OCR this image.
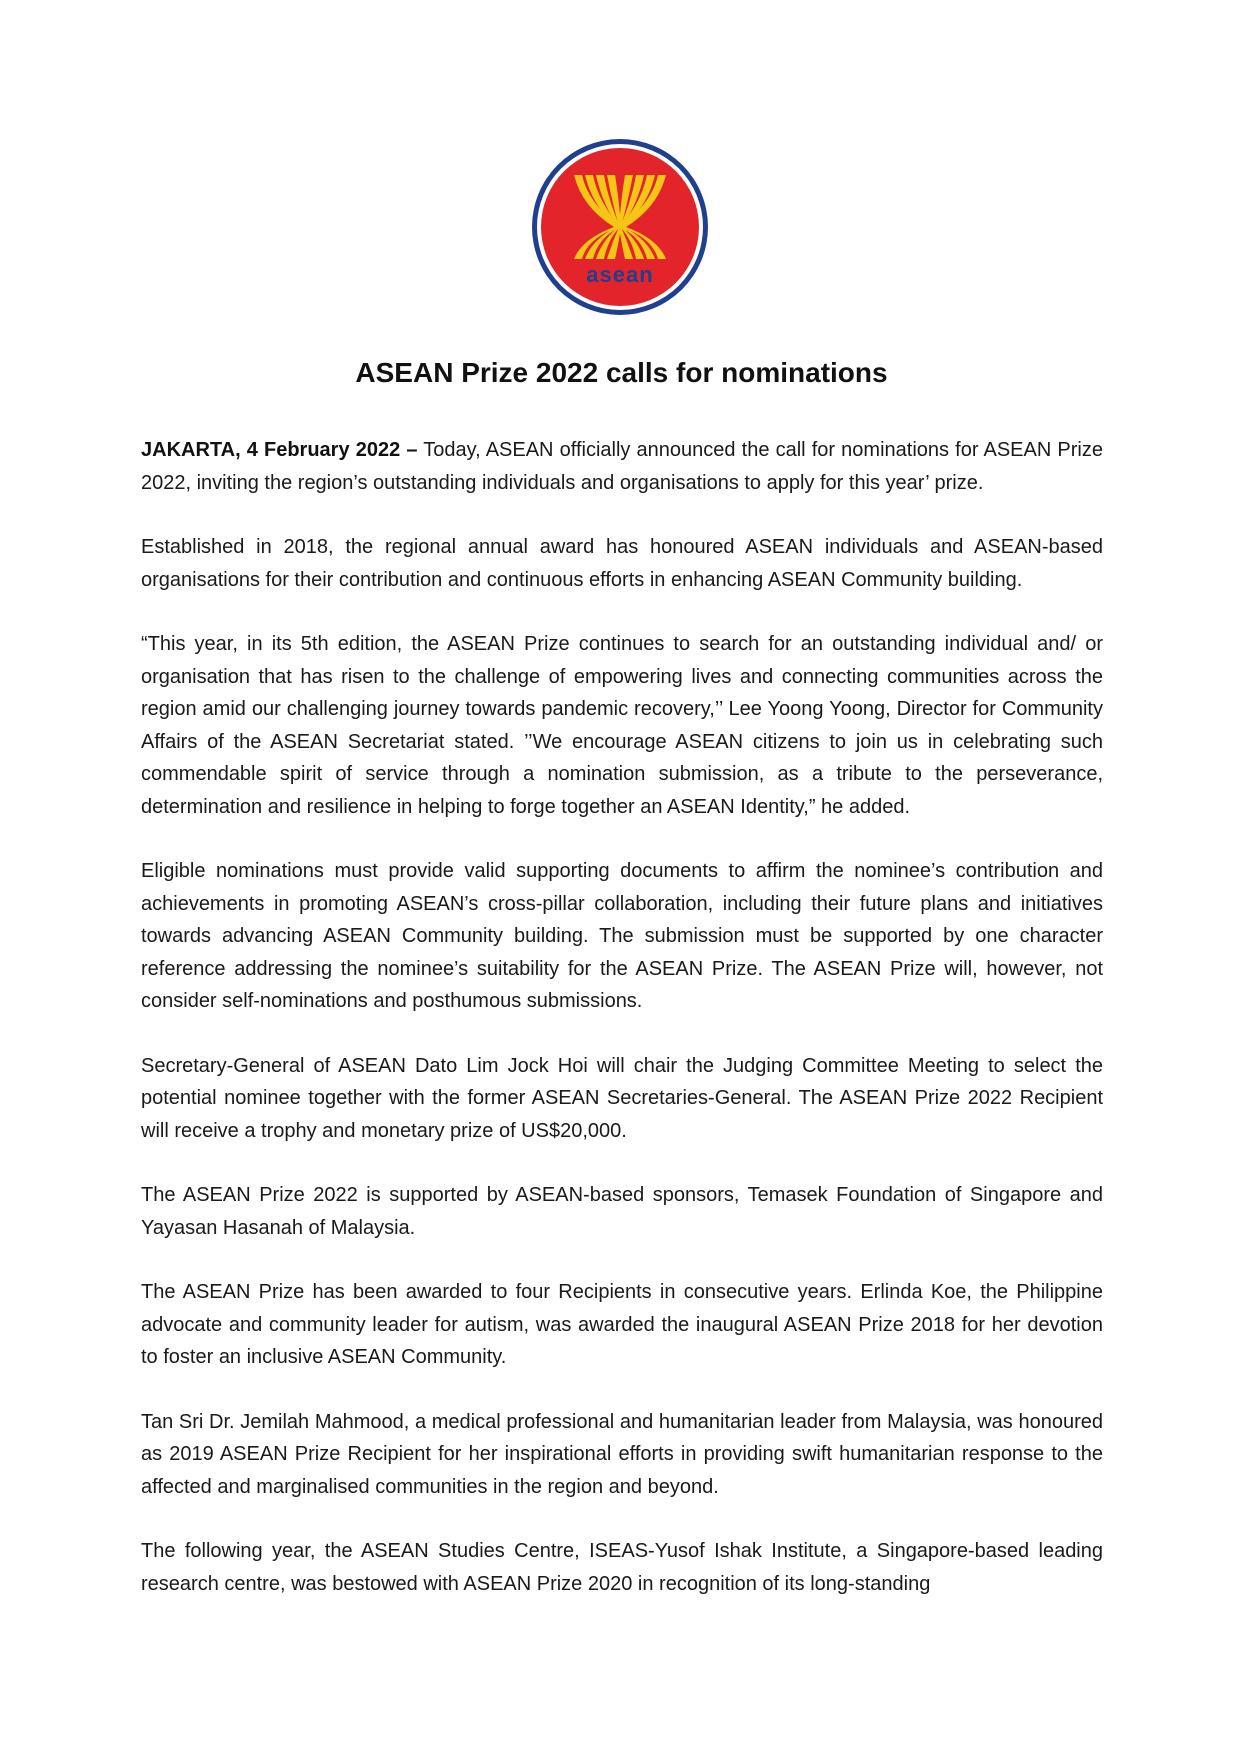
asean
ASEAN Prize 2022 calls for nominations

JAKARTA, 4 February 2022 – Today, ASEAN officially announced the call for nominations for ASEAN Prize 2022, inviting the region’s outstanding individuals and organisations to apply for this year’ prize.

Established in 2018, the regional annual award has honoured ASEAN individuals and ASEAN-based organisations for their contribution and continuous efforts in enhancing ASEAN Community building.

“This year, in its 5th edition, the ASEAN Prize continues to search for an outstanding individual and/ or organisation that has risen to the challenge of empowering lives and connecting communities across the region amid our challenging journey towards pandemic recovery,’’ Lee Yoong Yoong, Director for Community Affairs of the ASEAN Secretariat stated. ’’We encourage ASEAN citizens to join us in celebrating such commendable spirit of service through a nomination submission, as a tribute to the perseverance, determination and resilience in helping to forge together an ASEAN Identity,” he added.

Eligible nominations must provide valid supporting documents to affirm the nominee’s contribution and achievements in promoting ASEAN’s cross-pillar collaboration, including their future plans and initiatives towards advancing ASEAN Community building. The submission must be supported by one character reference addressing the nominee’s suitability for the ASEAN Prize. The ASEAN Prize will, however, not consider self-nominations and posthumous submissions.

Secretary-General of ASEAN Dato Lim Jock Hoi will chair the Judging Committee Meeting to select the potential nominee together with the former ASEAN Secretaries-General. The ASEAN Prize 2022 Recipient will receive a trophy and monetary prize of US$20,000.

The ASEAN Prize 2022 is supported by ASEAN-based sponsors, Temasek Foundation of Singapore and Yayasan Hasanah of Malaysia.

The ASEAN Prize has been awarded to four Recipients in consecutive years. Erlinda Koe, the Philippine advocate and community leader for autism, was awarded the inaugural ASEAN Prize 2018 for her devotion to foster an inclusive ASEAN Community.

Tan Sri Dr. Jemilah Mahmood, a medical professional and humanitarian leader from Malaysia, was honoured as 2019 ASEAN Prize Recipient for her inspirational efforts in providing swift humanitarian response to the affected and marginalised communities in the region and beyond.

The following year, the ASEAN Studies Centre, ISEAS-Yusof Ishak Institute, a Singapore-based leading research centre, was bestowed with ASEAN Prize 2020 in recognition of its long-standing
